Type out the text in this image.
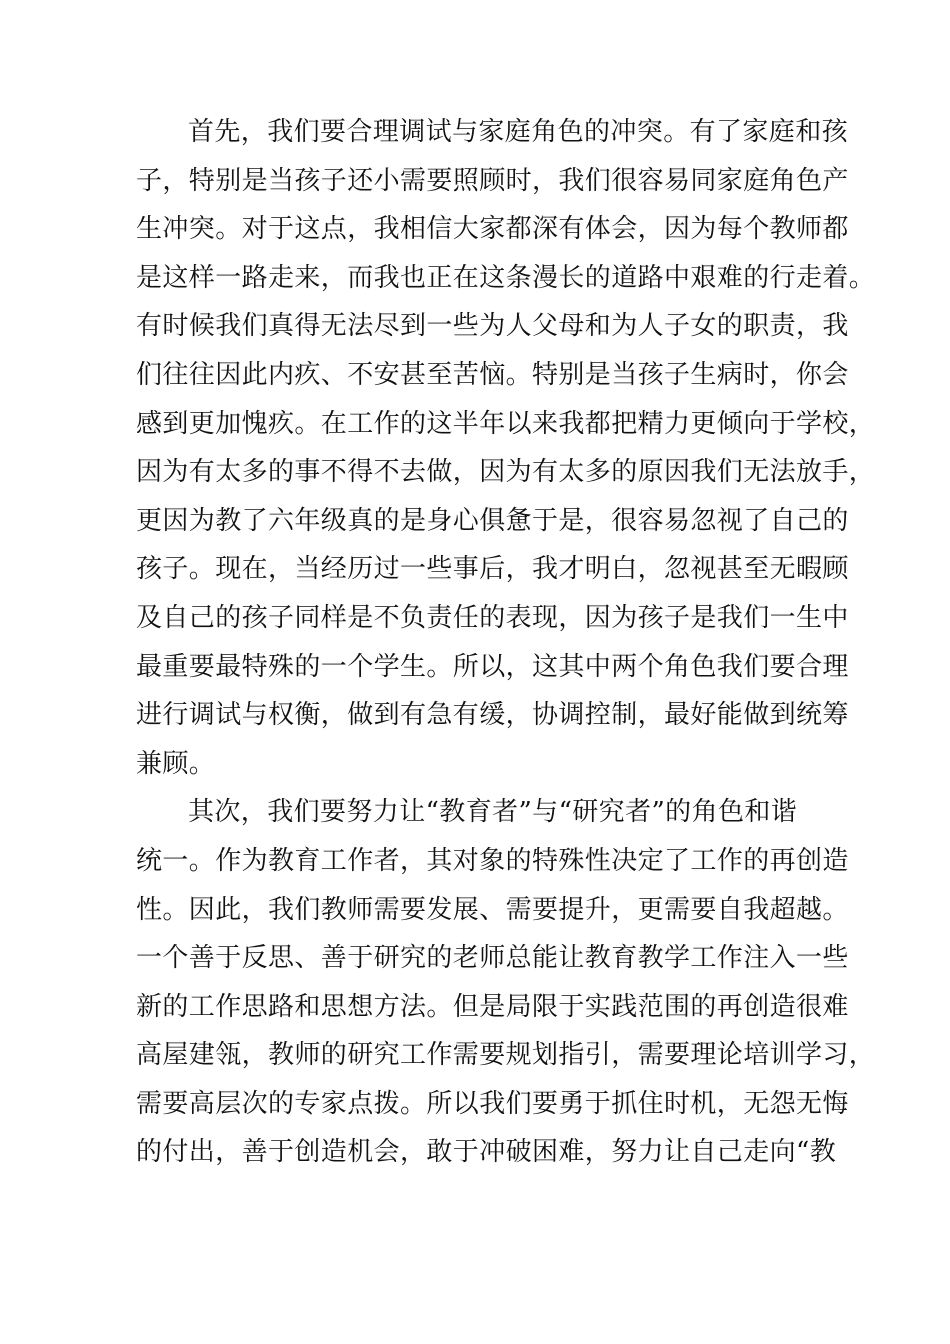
首先，我们要合理调试与家庭角色的冲突。有了家庭和孩
子，特别是当孩子还小需要照顾时，我们很容易同家庭角色产
生冲突。对于这点，我相信大家都深有体会，因为每个教师都
是这样一路走来，而我也正在这条漫长的道路中艰难的行走着。
有时候我们真得无法尽到一些为人父母和为人子女的职责，我
们往往因此内疚、不安甚至苦恼。特别是当孩子生病时，你会
感到更加愧疚。在工作的这半年以来我都把精力更倾向于学校，
因为有太多的事不得不去做，因为有太多的原因我们无法放手，
更因为教了六年级真的是身心俱惫于是，很容易忽视了自己的
孩子。现在，当经历过一些事后，我才明白，忽视甚至无暇顾
及自己的孩子同样是不负责任的表现，因为孩子是我们一生中
最重要最特殊的一个学生。所以，这其中两个角色我们要合理
进行调试与权衡，做到有急有缓，协调控制，最好能做到统筹
兼顾。
其次，我们要努力让“教育者”与“研究者”的角色和谐
统一。作为教育工作者，其对象的特殊性决定了工作的再创造
性。因此，我们教师需要发展、需要提升，更需要自我超越。
一个善于反思、善于研究的老师总能让教育教学工作注入一些
新的工作思路和思想方法。但是局限于实践范围的再创造很难
高屋建瓴，教师的研究工作需要规划指引，需要理论培训学习，
需要高层次的专家点拨。所以我们要勇于抓住时机，无怨无悔
的付出，善于创造机会，敢于冲破困难，努力让自己走向“教
